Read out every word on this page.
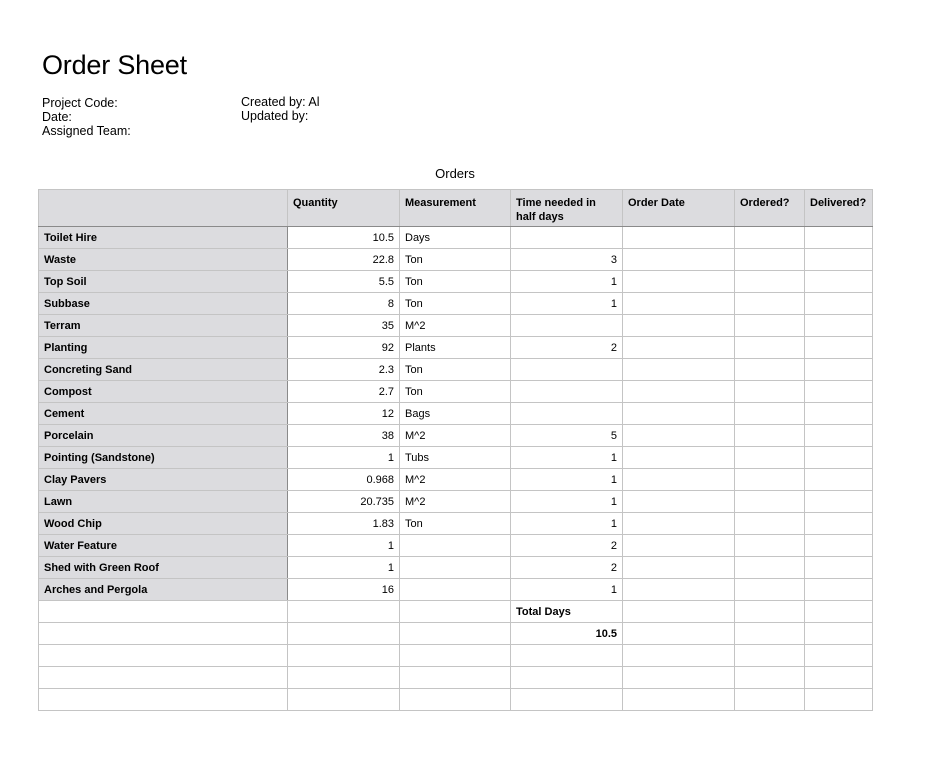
Order Sheet
Project Code:
Date:
Assigned Team:
Created by: Al
Updated by:
Orders
	Quantity	Measurement	Time needed in half days	Order Date	Ordered?	Delivered?
Toilet Hire	10.5	Days				
Waste	22.8	Ton	3			
Top Soil	5.5	Ton	1			
Subbase	8	Ton	1			
Terram	35	M^2				
Planting	92	Plants	2			
Concreting Sand	2.3	Ton				
Compost	2.7	Ton				
Cement	12	Bags				
Porcelain	38	M^2	5			
Pointing (Sandstone)	1	Tubs	1			
Clay Pavers	0.968	M^2	1			
Lawn	20.735	M^2	1			
Wood Chip	1.83	Ton	1			
Water Feature	1		2			
Shed with Green Roof	1		2			
Arches and Pergola	16		1			
			Total Days			
			10.5			
